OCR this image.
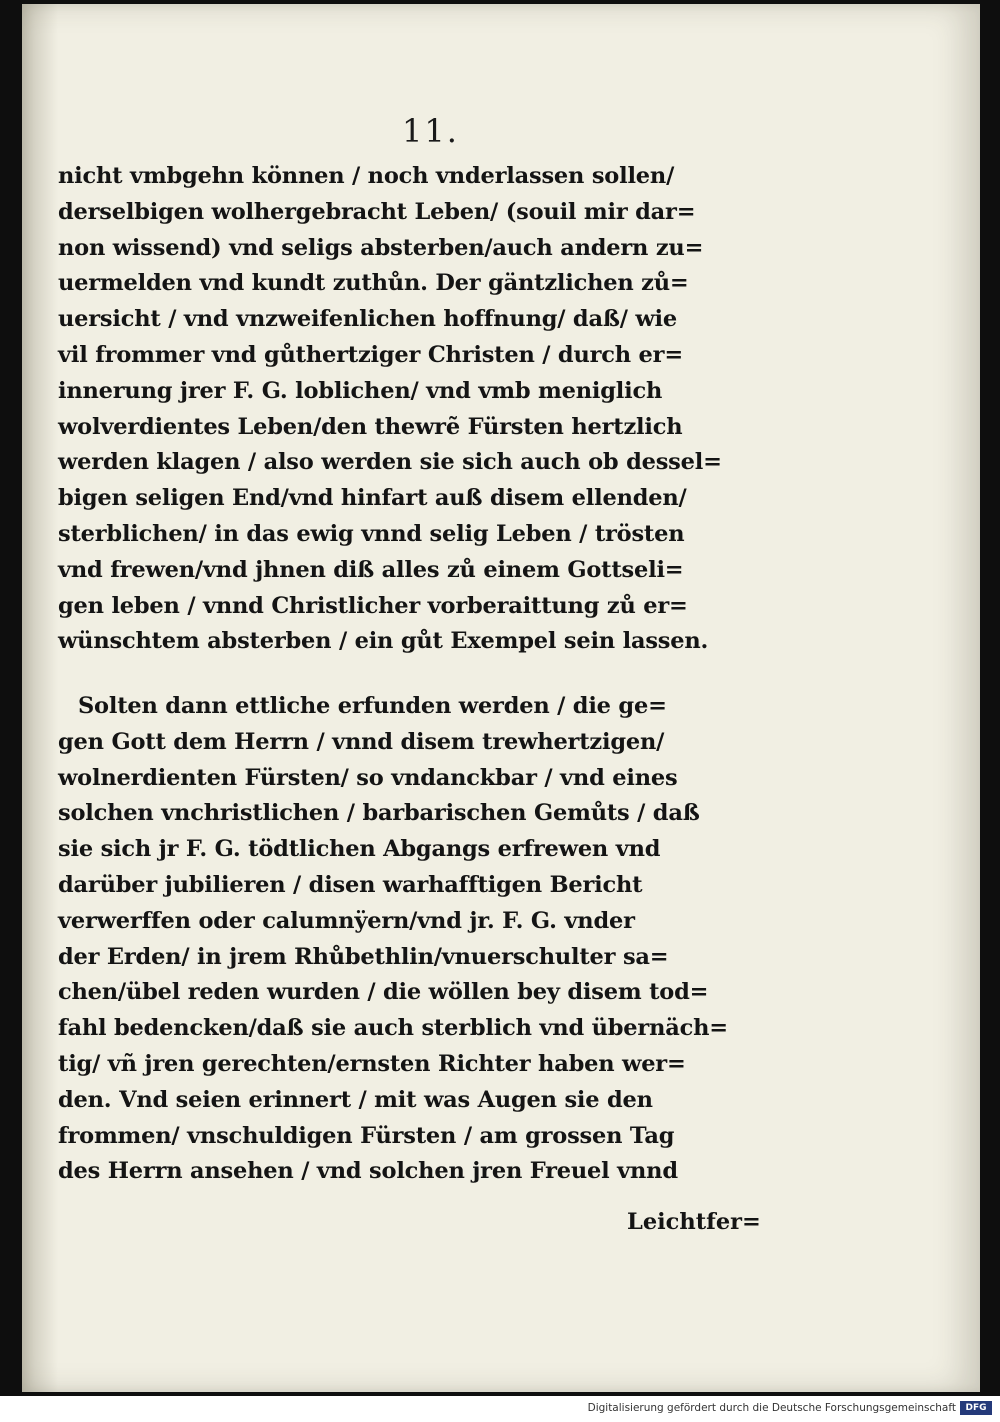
11.
nicht vmbgehn können / noch vnderlassen sollen/
derselbigen wolhergebracht Leben/ (souil mir dar=
non wissend) vnd seligs absterben/auch andern zu=
uermelden vnd kundt zuthůn. Der gäntzlichen zů=
uersicht / vnd vnzweifenlichen hoffnung/ daß/ wie
vil frommer vnd gůthertziger Christen / durch er=
innerung jrer F. G. loblichen/ vnd vmb meniglich
wolverdientes Leben/den thewrẽ Fürsten hertzlich
werden klagen / also werden sie sich auch ob dessel=
bigen seligen End/vnd hinfart auß disem ellenden/
sterblichen/ in das ewig vnnd selig Leben / trösten
vnd frewen/vnd jhnen diß alles zů einem Gottseli=
gen leben / vnnd Christlicher vorberaittung zů er=
wünschtem absterben / ein gůt Exempel sein lassen.
Solten dann ettliche erfunden werden / die ge=
gen Gott dem Herrn / vnnd disem trewhertzigen/
wolnerdienten Fürsten/ so vndanckbar / vnd eines
solchen vnchristlichen / barbarischen Gemůts / daß
sie sich jr F. G. tödtlichen Abgangs erfrewen vnd
darüber jubilieren / disen warhafftigen Bericht
verwerffen oder calumnÿern/vnd jr. F. G. vnder
der Erden/ in jrem Rhůbethlin/vnuerschulter sa=
chen/übel reden wurden / die wöllen bey disem tod=
fahl bedencken/daß sie auch sterblich vnd übernäch=
tig/ vñ jren gerechten/ernsten Richter haben wer=
den. Vnd seien erinnert / mit was Augen sie den
frommen/ vnschuldigen Fürsten / am grossen Tag
des Herrn ansehen / vnd solchen jren Freuel vnnd
Leichtfer=
Digitalisierung gefördert durch die Deutsche Forschungsgemeinschaft	DFG
